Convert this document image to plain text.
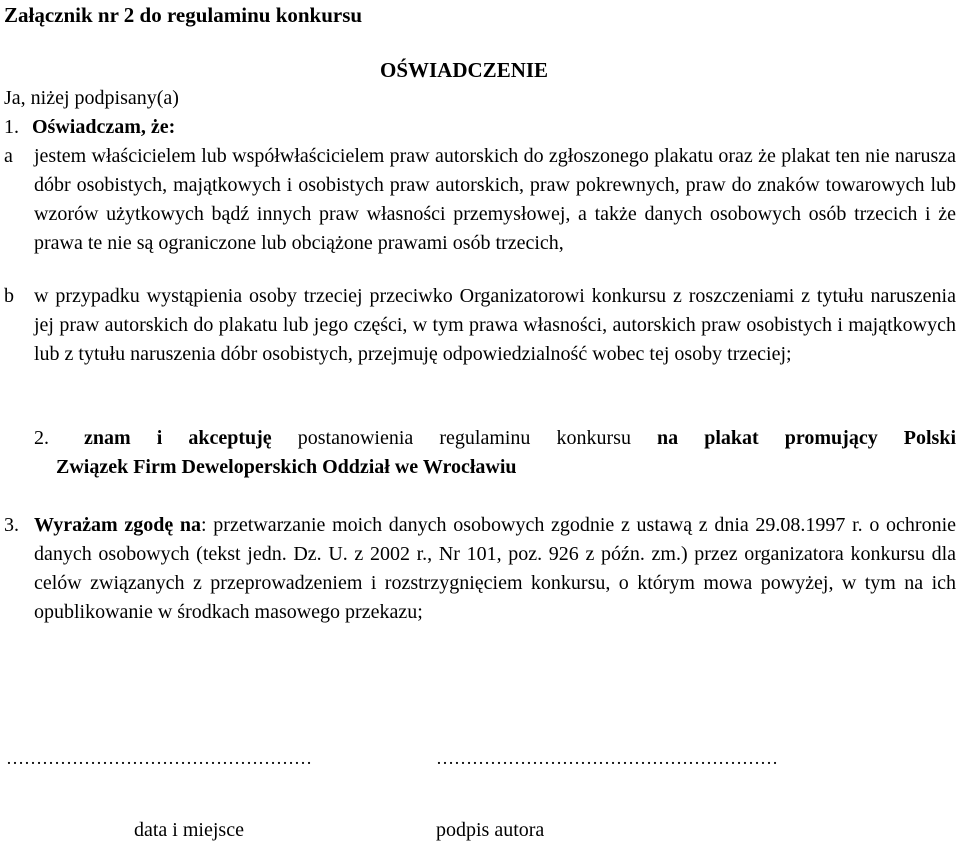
Załącznik nr 2 do regulaminu konkursu
OŚWIADCZENIE
Ja, niżej podpisany(a)
1. Oświadczam, że:
a jestem właścicielem lub współwłaścicielem praw autorskich do zgłoszonego plakatu oraz że plakat ten nie narusza dóbr osobistych, majątkowych i osobistych praw autorskich, praw pokrewnych, praw do znaków towarowych lub wzorów użytkowych bądź innych praw własności przemysłowej, a także danych osobowych osób trzecich i że prawa te nie są ograniczone lub obciążone prawami osób trzecich,
b w przypadku wystąpienia osoby trzeciej przeciwko Organizatorowi konkursu z roszczeniami z tytułu naruszenia jej praw autorskich do plakatu lub jego części, w tym prawa własności, autorskich praw osobistych i majątkowych lub z tytułu naruszenia dóbr osobistych, przejmuję odpowiedzialność wobec tej osoby trzeciej;
2. znam i akceptuję postanowienia regulaminu konkursu na plakat promujący Polski
Związek Firm Deweloperskich Oddział we Wrocławiu
3. Wyrażam zgodę na: przetwarzanie moich danych osobowych zgodnie z ustawą z dnia 29.08.1997 r. o ochronie danych osobowych (tekst jedn. Dz. U. z 2002 r., Nr 101, poz. 926 z późn. zm.) przez organizatora konkursu dla celów związanych z przeprowadzeniem i rozstrzygnięciem konkursu, o którym mowa powyżej, w tym na ich opublikowanie w środkach masowego przekazu;
……………………………………………	…………………………………………………
data i miejsce	podpis autora
